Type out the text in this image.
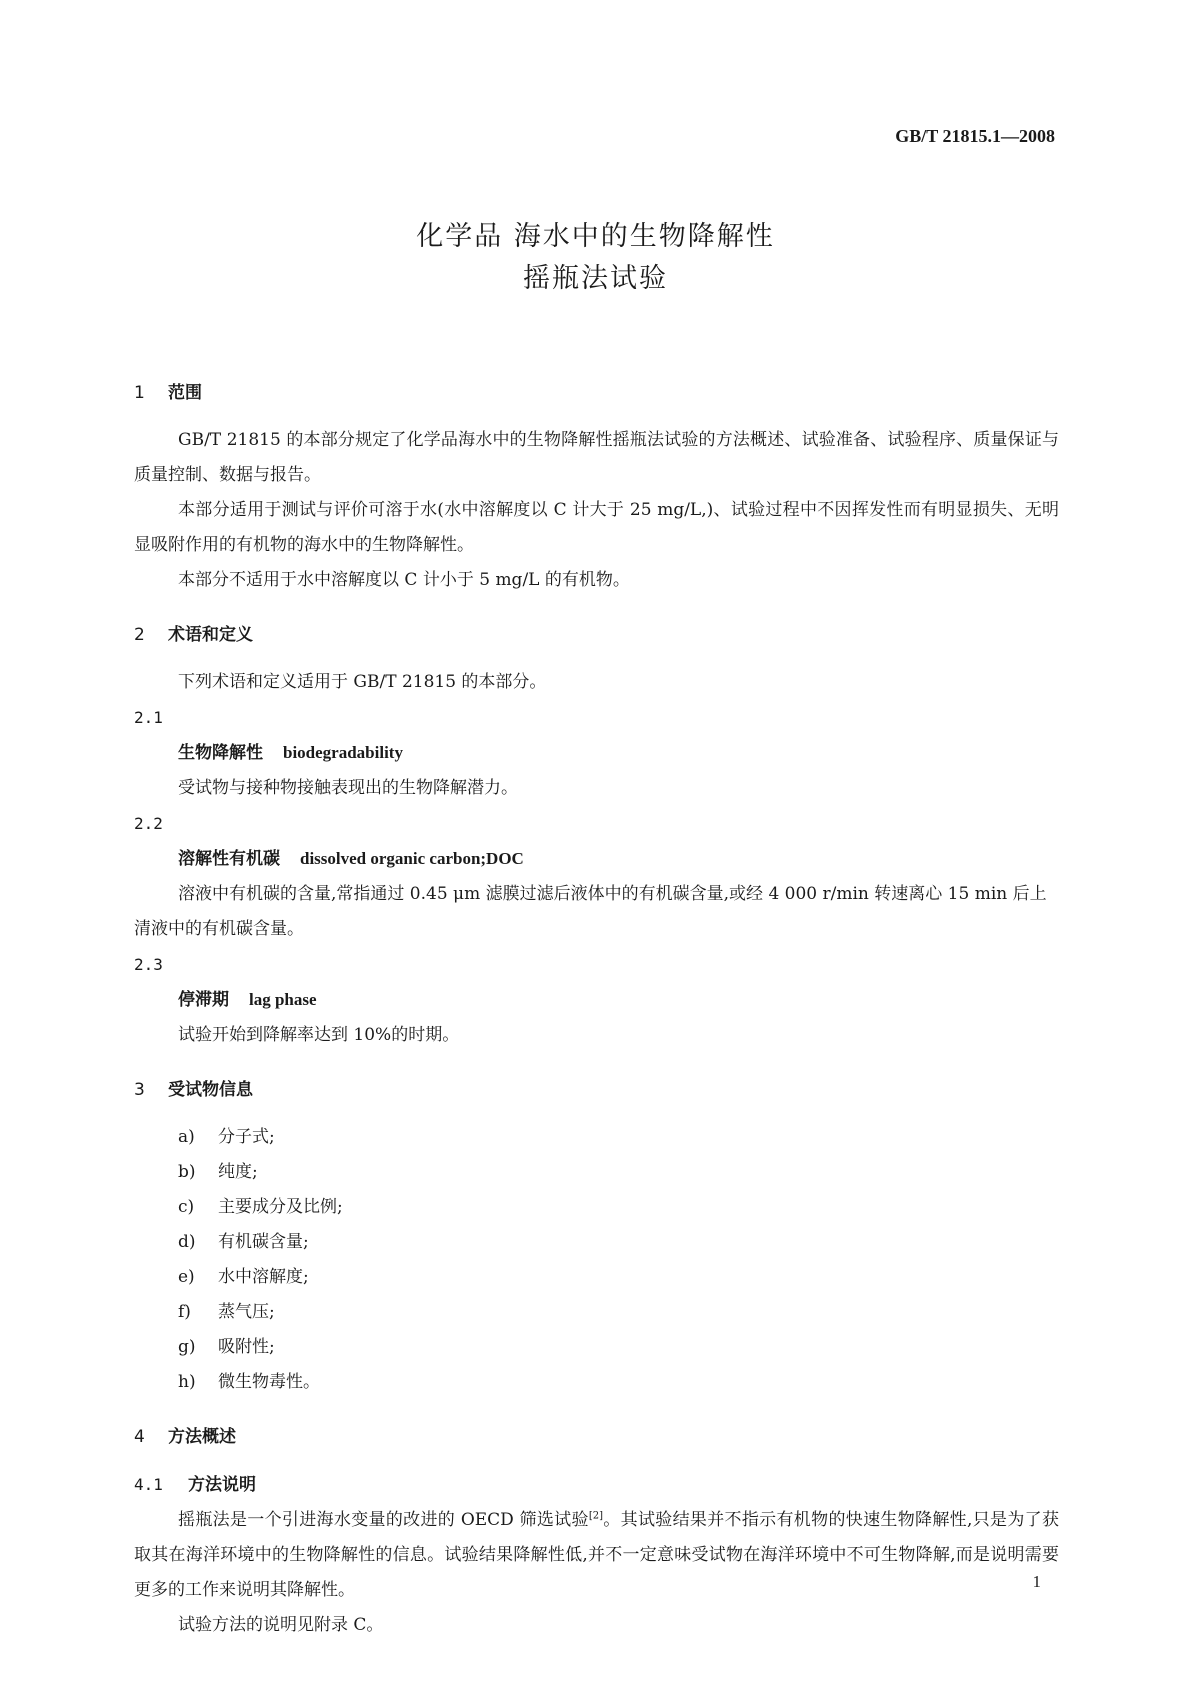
GB/T 21815.1—2008
化学品 海水中的生物降解性
摇瓶法试验

1 范围

GB/T 21815 的本部分规定了化学品海水中的生物降解性摇瓶法试验的方法概述、试验准备、试验程序、质量保证与质量控制、数据与报告。

本部分适用于测试与评价可溶于水(水中溶解度以 C 计大于 25 mg/L,)、试验过程中不因挥发性而有明显损失、无明显吸附作用的有机物的海水中的生物降解性。

本部分不适用于水中溶解度以 C 计小于 5 mg/L 的有机物。

2 术语和定义

下列术语和定义适用于 GB/T 21815 的本部分。

2.1

生物降解性 biodegradability

受试物与接种物接触表现出的生物降解潜力。

2.2

溶解性有机碳 dissolved organic carbon;DOC

溶液中有机碳的含量,常指通过 0.45 μm 滤膜过滤后液体中的有机碳含量,或经 4 000 r/min 转速离心 15 min 后上清液中的有机碳含量。

2.3

停滞期 lag phase

试验开始到降解率达到 10%的时期。

3 受试物信息

a) 分子式;
b) 纯度;
c) 主要成分及比例;
d) 有机碳含量;
e) 水中溶解度;
f) 蒸气压;
g) 吸附性;
h) 微生物毒性。

4 方法概述

4.1 方法说明

摇瓶法是一个引进海水变量的改进的 OECD 筛选试验[2]。其试验结果并不指示有机物的快速生物降解性,只是为了获取其在海洋环境中的生物降解性的信息。试验结果降解性低,并不一定意味受试物在海洋环境中不可生物降解,而是说明需要更多的工作来说明其降解性。

试验方法的说明见附录 C。

1
